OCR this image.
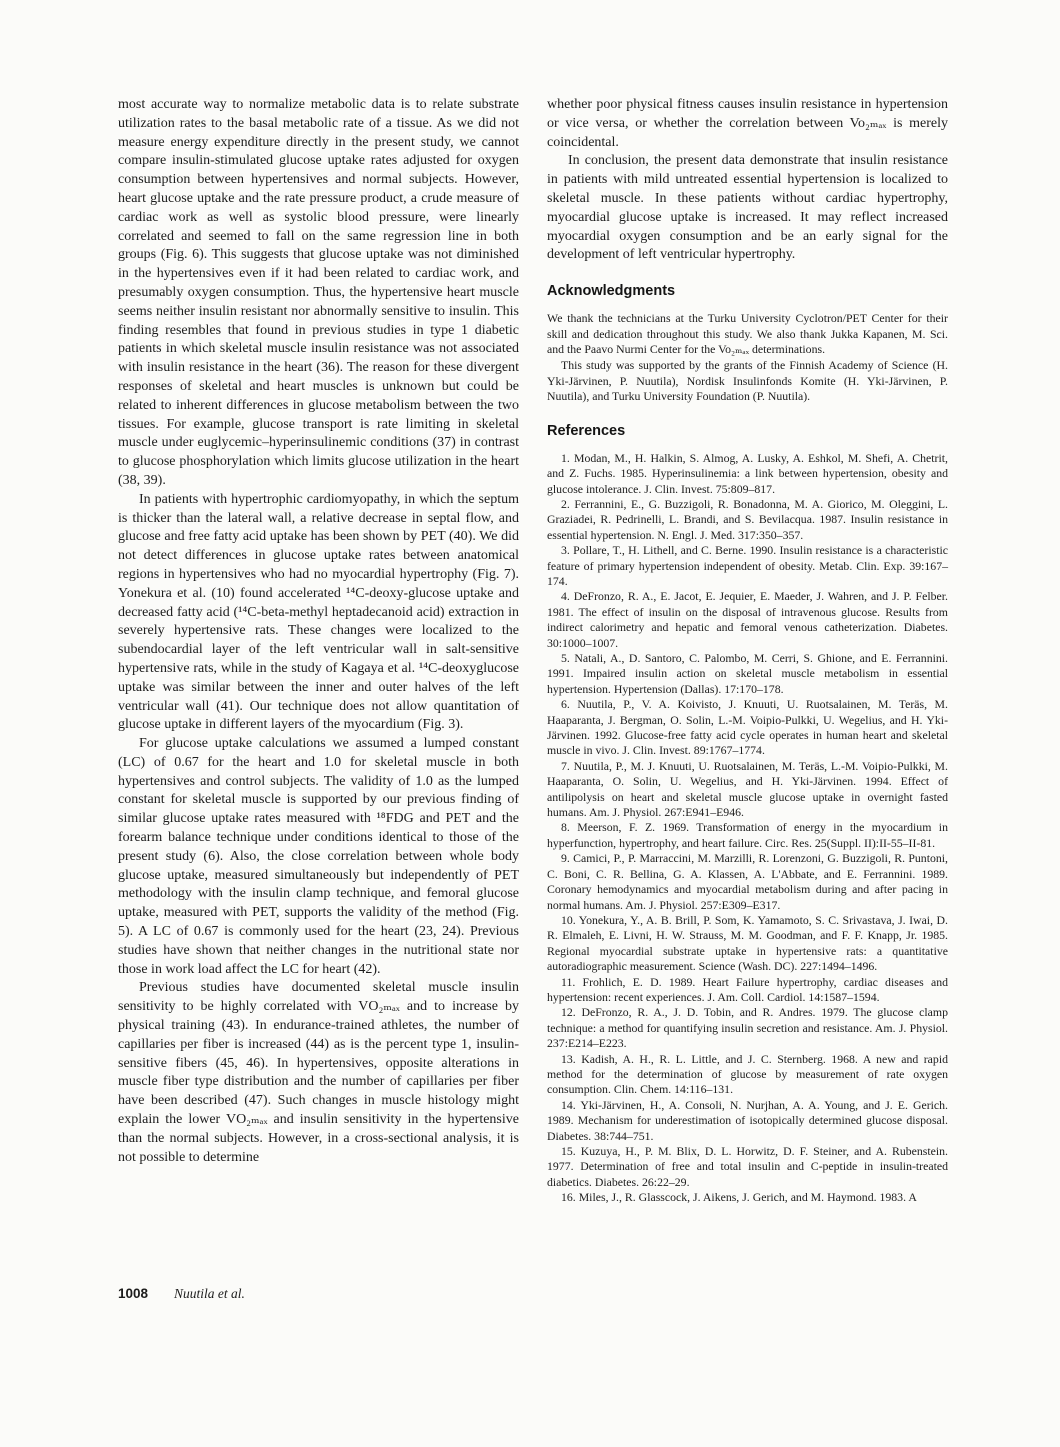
most accurate way to normalize metabolic data is to relate substrate utilization rates to the basal metabolic rate of a tissue. As we did not measure energy expenditure directly in the present study, we cannot compare insulin-stimulated glucose uptake rates adjusted for oxygen consumption between hypertensives and normal subjects. However, heart glucose uptake and the rate pressure product, a crude measure of cardiac work as well as systolic blood pressure, were linearly correlated and seemed to fall on the same regression line in both groups (Fig. 6). This suggests that glucose uptake was not diminished in the hypertensives even if it had been related to cardiac work, and presumably oxygen consumption. Thus, the hypertensive heart muscle seems neither insulin resistant nor abnormally sensitive to insulin. This finding resembles that found in previous studies in type 1 diabetic patients in which skeletal muscle insulin resistance was not associated with insulin resistance in the heart (36). The reason for these divergent responses of skeletal and heart muscles is unknown but could be related to inherent differences in glucose metabolism between the two tissues. For example, glucose transport is rate limiting in skeletal muscle under euglycemic–hyperinsulinemic conditions (37) in contrast to glucose phosphorylation which limits glucose utilization in the heart (38, 39).

In patients with hypertrophic cardiomyopathy, in which the septum is thicker than the lateral wall, a relative decrease in septal flow, and glucose and free fatty acid uptake has been shown by PET (40). We did not detect differences in glucose uptake rates between anatomical regions in hypertensives who had no myocardial hypertrophy (Fig. 7). Yonekura et al. (10) found accelerated ¹⁴C-deoxy-glucose uptake and decreased fatty acid (¹⁴C-beta-methyl heptadecanoid acid) extraction in severely hypertensive rats. These changes were localized to the subendocardial layer of the left ventricular wall in salt-sensitive hypertensive rats, while in the study of Kagaya et al. ¹⁴C-deoxyglucose uptake was similar between the inner and outer halves of the left ventricular wall (41). Our technique does not allow quantitation of glucose uptake in different layers of the myocardium (Fig. 3).

For glucose uptake calculations we assumed a lumped constant (LC) of 0.67 for the heart and 1.0 for skeletal muscle in both hypertensives and control subjects. The validity of 1.0 as the lumped constant for skeletal muscle is supported by our previous finding of similar glucose uptake rates measured with ¹⁸FDG and PET and the forearm balance technique under conditions identical to those of the present study (6). Also, the close correlation between whole body glucose uptake, measured simultaneously but independently of PET methodology with the insulin clamp technique, and femoral glucose uptake, measured with PET, supports the validity of the method (Fig. 5). A LC of 0.67 is commonly used for the heart (23, 24). Previous studies have shown that neither changes in the nutritional state nor those in work load affect the LC for heart (42).

Previous studies have documented skeletal muscle insulin sensitivity to be highly correlated with VO₂ₘₐₓ and to increase by physical training (43). In endurance-trained athletes, the number of capillaries per fiber is increased (44) as is the percent type 1, insulin-sensitive fibers (45, 46). In hypertensives, opposite alterations in muscle fiber type distribution and the number of capillaries per fiber have been described (47). Such changes in muscle histology might explain the lower VO₂ₘₐₓ and insulin sensitivity in the hypertensive than the normal subjects. However, in a cross-sectional analysis, it is not possible to determine

whether poor physical fitness causes insulin resistance in hypertension or vice versa, or whether the correlation between Vo₂ₘₐₓ is merely coincidental.

In conclusion, the present data demonstrate that insulin resistance in patients with mild untreated essential hypertension is localized to skeletal muscle. In these patients without cardiac hypertrophy, myocardial glucose uptake is increased. It may reflect increased myocardial oxygen consumption and be an early signal for the development of left ventricular hypertrophy.

Acknowledgments

We thank the technicians at the Turku University Cyclotron/PET Center for their skill and dedication throughout this study. We also thank Jukka Kapanen, M. Sci. and the Paavo Nurmi Center for the Vo₂ₘₐₓ determinations.

This study was supported by the grants of the Finnish Academy of Science (H. Yki-Järvinen, P. Nuutila), Nordisk Insulinfonds Komite (H. Yki-Järvinen, P. Nuutila), and Turku University Foundation (P. Nuutila).

References

1. Modan, M., H. Halkin, S. Almog, A. Lusky, A. Eshkol, M. Shefi, A. Chetrit, and Z. Fuchs. 1985. Hyperinsulinemia: a link between hypertension, obesity and glucose intolerance. J. Clin. Invest. 75:809–817.

2. Ferrannini, E., G. Buzzigoli, R. Bonadonna, M. A. Giorico, M. Oleggini, L. Graziadei, R. Pedrinelli, L. Brandi, and S. Bevilacqua. 1987. Insulin resistance in essential hypertension. N. Engl. J. Med. 317:350–357.

3. Pollare, T., H. Lithell, and C. Berne. 1990. Insulin resistance is a characteristic feature of primary hypertension independent of obesity. Metab. Clin. Exp. 39:167–174.

4. DeFronzo, R. A., E. Jacot, E. Jequier, E. Maeder, J. Wahren, and J. P. Felber. 1981. The effect of insulin on the disposal of intravenous glucose. Results from indirect calorimetry and hepatic and femoral venous catheterization. Diabetes. 30:1000–1007.

5. Natali, A., D. Santoro, C. Palombo, M. Cerri, S. Ghione, and E. Ferrannini. 1991. Impaired insulin action on skeletal muscle metabolism in essential hypertension. Hypertension (Dallas). 17:170–178.

6. Nuutila, P., V. A. Koivisto, J. Knuuti, U. Ruotsalainen, M. Teräs, M. Haaparanta, J. Bergman, O. Solin, L.-M. Voipio-Pulkki, U. Wegelius, and H. Yki-Järvinen. 1992. Glucose-free fatty acid cycle operates in human heart and skeletal muscle in vivo. J. Clin. Invest. 89:1767–1774.

7. Nuutila, P., M. J. Knuuti, U. Ruotsalainen, M. Teräs, L.-M. Voipio-Pulkki, M. Haaparanta, O. Solin, U. Wegelius, and H. Yki-Järvinen. 1994. Effect of antilipolysis on heart and skeletal muscle glucose uptake in overnight fasted humans. Am. J. Physiol. 267:E941–E946.

8. Meerson, F. Z. 1969. Transformation of energy in the myocardium in hyperfunction, hypertrophy, and heart failure. Circ. Res. 25(Suppl. II):II-55–II-81.

9. Camici, P., P. Marraccini, M. Marzilli, R. Lorenzoni, G. Buzzigoli, R. Puntoni, C. Boni, C. R. Bellina, G. A. Klassen, A. L'Abbate, and E. Ferrannini. 1989. Coronary hemodynamics and myocardial metabolism during and after pacing in normal humans. Am. J. Physiol. 257:E309–E317.

10. Yonekura, Y., A. B. Brill, P. Som, K. Yamamoto, S. C. Srivastava, J. Iwai, D. R. Elmaleh, E. Livni, H. W. Strauss, M. M. Goodman, and F. F. Knapp, Jr. 1985. Regional myocardial substrate uptake in hypertensive rats: a quantitative autoradiographic measurement. Science (Wash. DC). 227:1494–1496.

11. Frohlich, E. D. 1989. Heart Failure hypertrophy, cardiac diseases and hypertension: recent experiences. J. Am. Coll. Cardiol. 14:1587–1594.

12. DeFronzo, R. A., J. D. Tobin, and R. Andres. 1979. The glucose clamp technique: a method for quantifying insulin secretion and resistance. Am. J. Physiol. 237:E214–E223.

13. Kadish, A. H., R. L. Little, and J. C. Sternberg. 1968. A new and rapid method for the determination of glucose by measurement of rate oxygen consumption. Clin. Chem. 14:116–131.

14. Yki-Järvinen, H., A. Consoli, N. Nurjhan, A. A. Young, and J. E. Gerich. 1989. Mechanism for underestimation of isotopically determined glucose disposal. Diabetes. 38:744–751.

15. Kuzuya, H., P. M. Blix, D. L. Horwitz, D. F. Steiner, and A. Rubenstein. 1977. Determination of free and total insulin and C-peptide in insulin-treated diabetics. Diabetes. 26:22–29.

16. Miles, J., R. Glasscock, J. Aikens, J. Gerich, and M. Haymond. 1983. A

1008 Nuutila et al.
